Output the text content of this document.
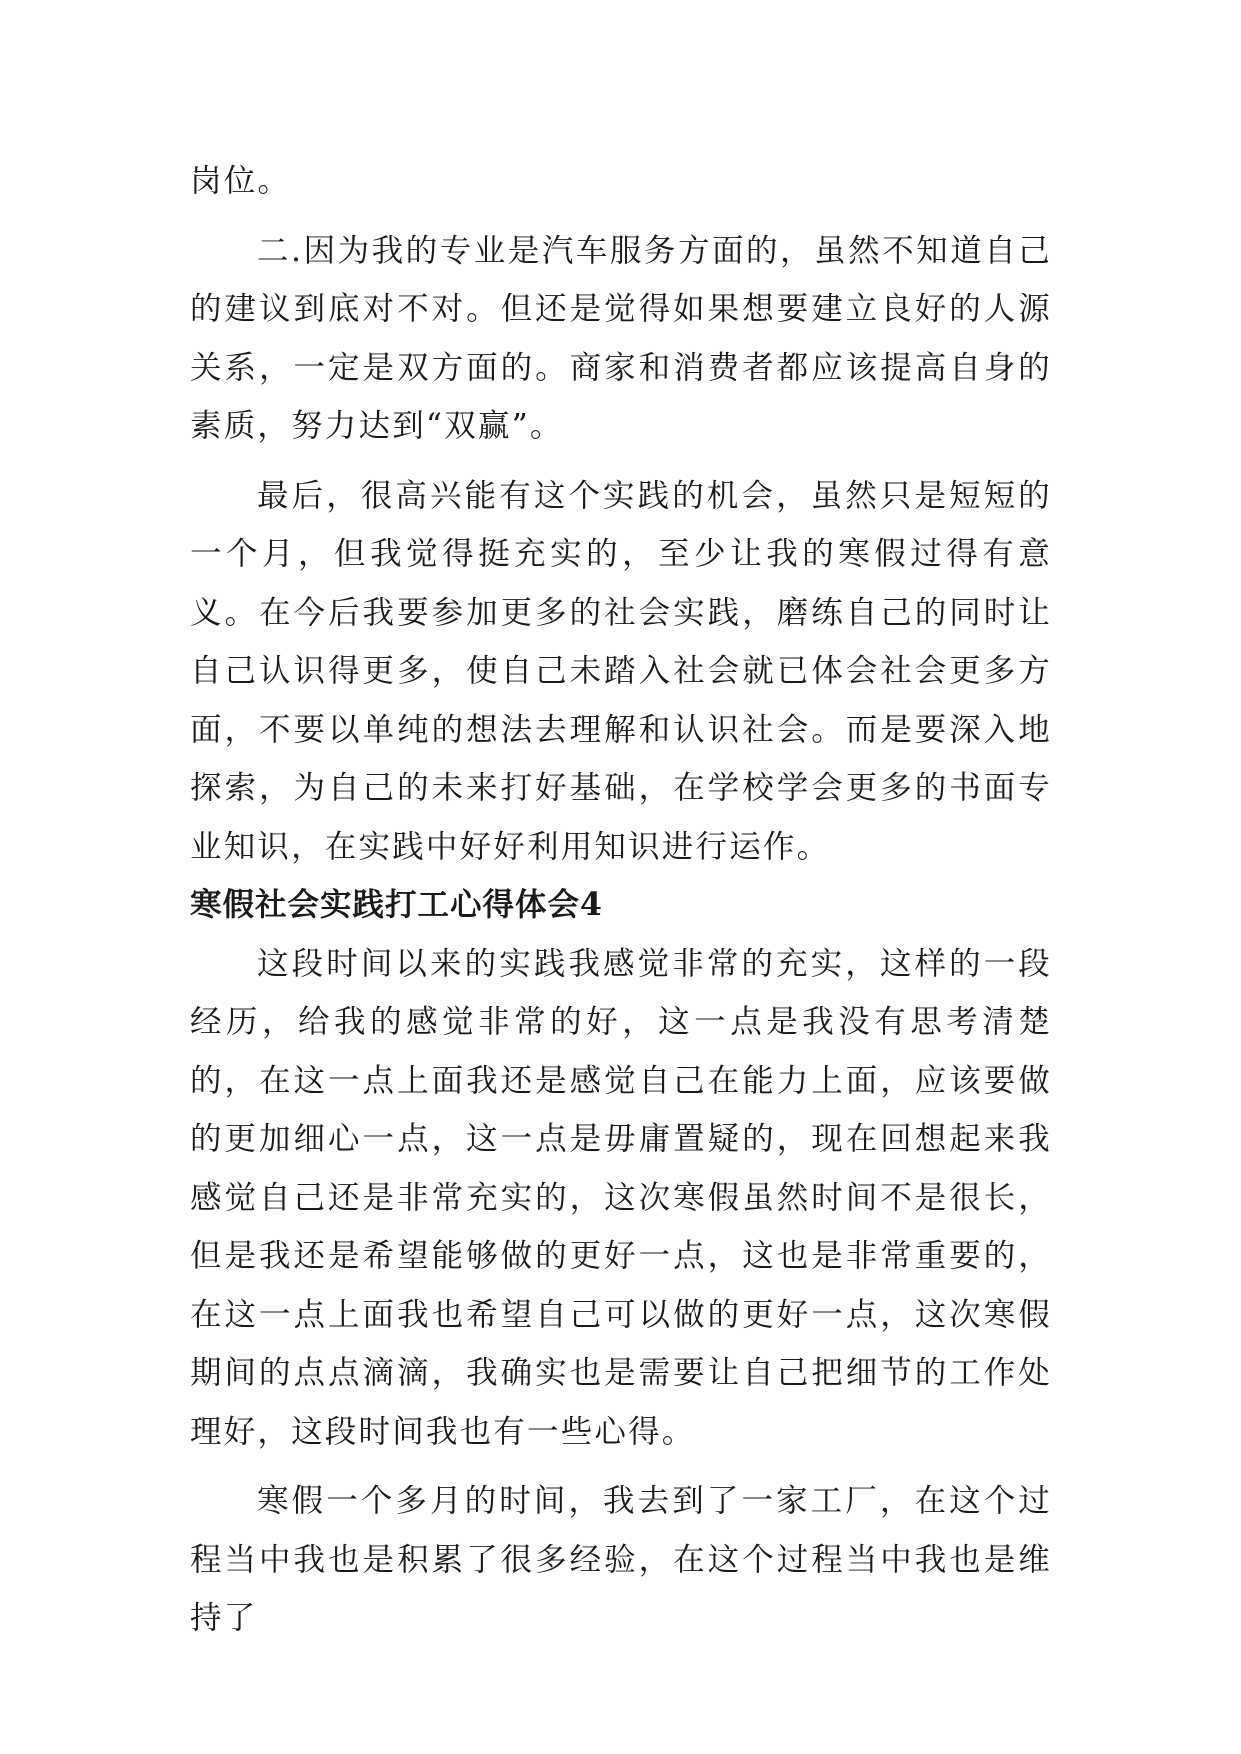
岗位。

二.因为我的专业是汽车服务方面的，虽然不知道自己的建议到底对不对。但还是觉得如果想要建立良好的人源关系，一定是双方面的。商家和消费者都应该提高自身的素质，努力达到“双赢”。

最后，很高兴能有这个实践的机会，虽然只是短短的一个月，但我觉得挺充实的，至少让我的寒假过得有意义。在今后我要参加更多的社会实践，磨练自己的同时让自己认识得更多，使自己未踏入社会就已体会社会更多方面，不要以单纯的想法去理解和认识社会。而是要深入地探索，为自己的未来打好基础，在学校学会更多的书面专业知识，在实践中好好利用知识进行运作。

寒假社会实践打工心得体会4

这段时间以来的实践我感觉非常的充实，这样的一段经历，给我的感觉非常的好，这一点是我没有思考清楚的，在这一点上面我还是感觉自己在能力上面，应该要做的更加细心一点，这一点是毋庸置疑的，现在回想起来我感觉自己还是非常充实的，这次寒假虽然时间不是很长，但是我还是希望能够做的更好一点，这也是非常重要的，在这一点上面我也希望自己可以做的更好一点，这次寒假期间的点点滴滴，我确实也是需要让自己把细节的工作处理好，这段时间我也有一些心得。

寒假一个多月的时间，我去到了一家工厂，在这个过程当中我也是积累了很多经验，在这个过程当中我也是维持了
